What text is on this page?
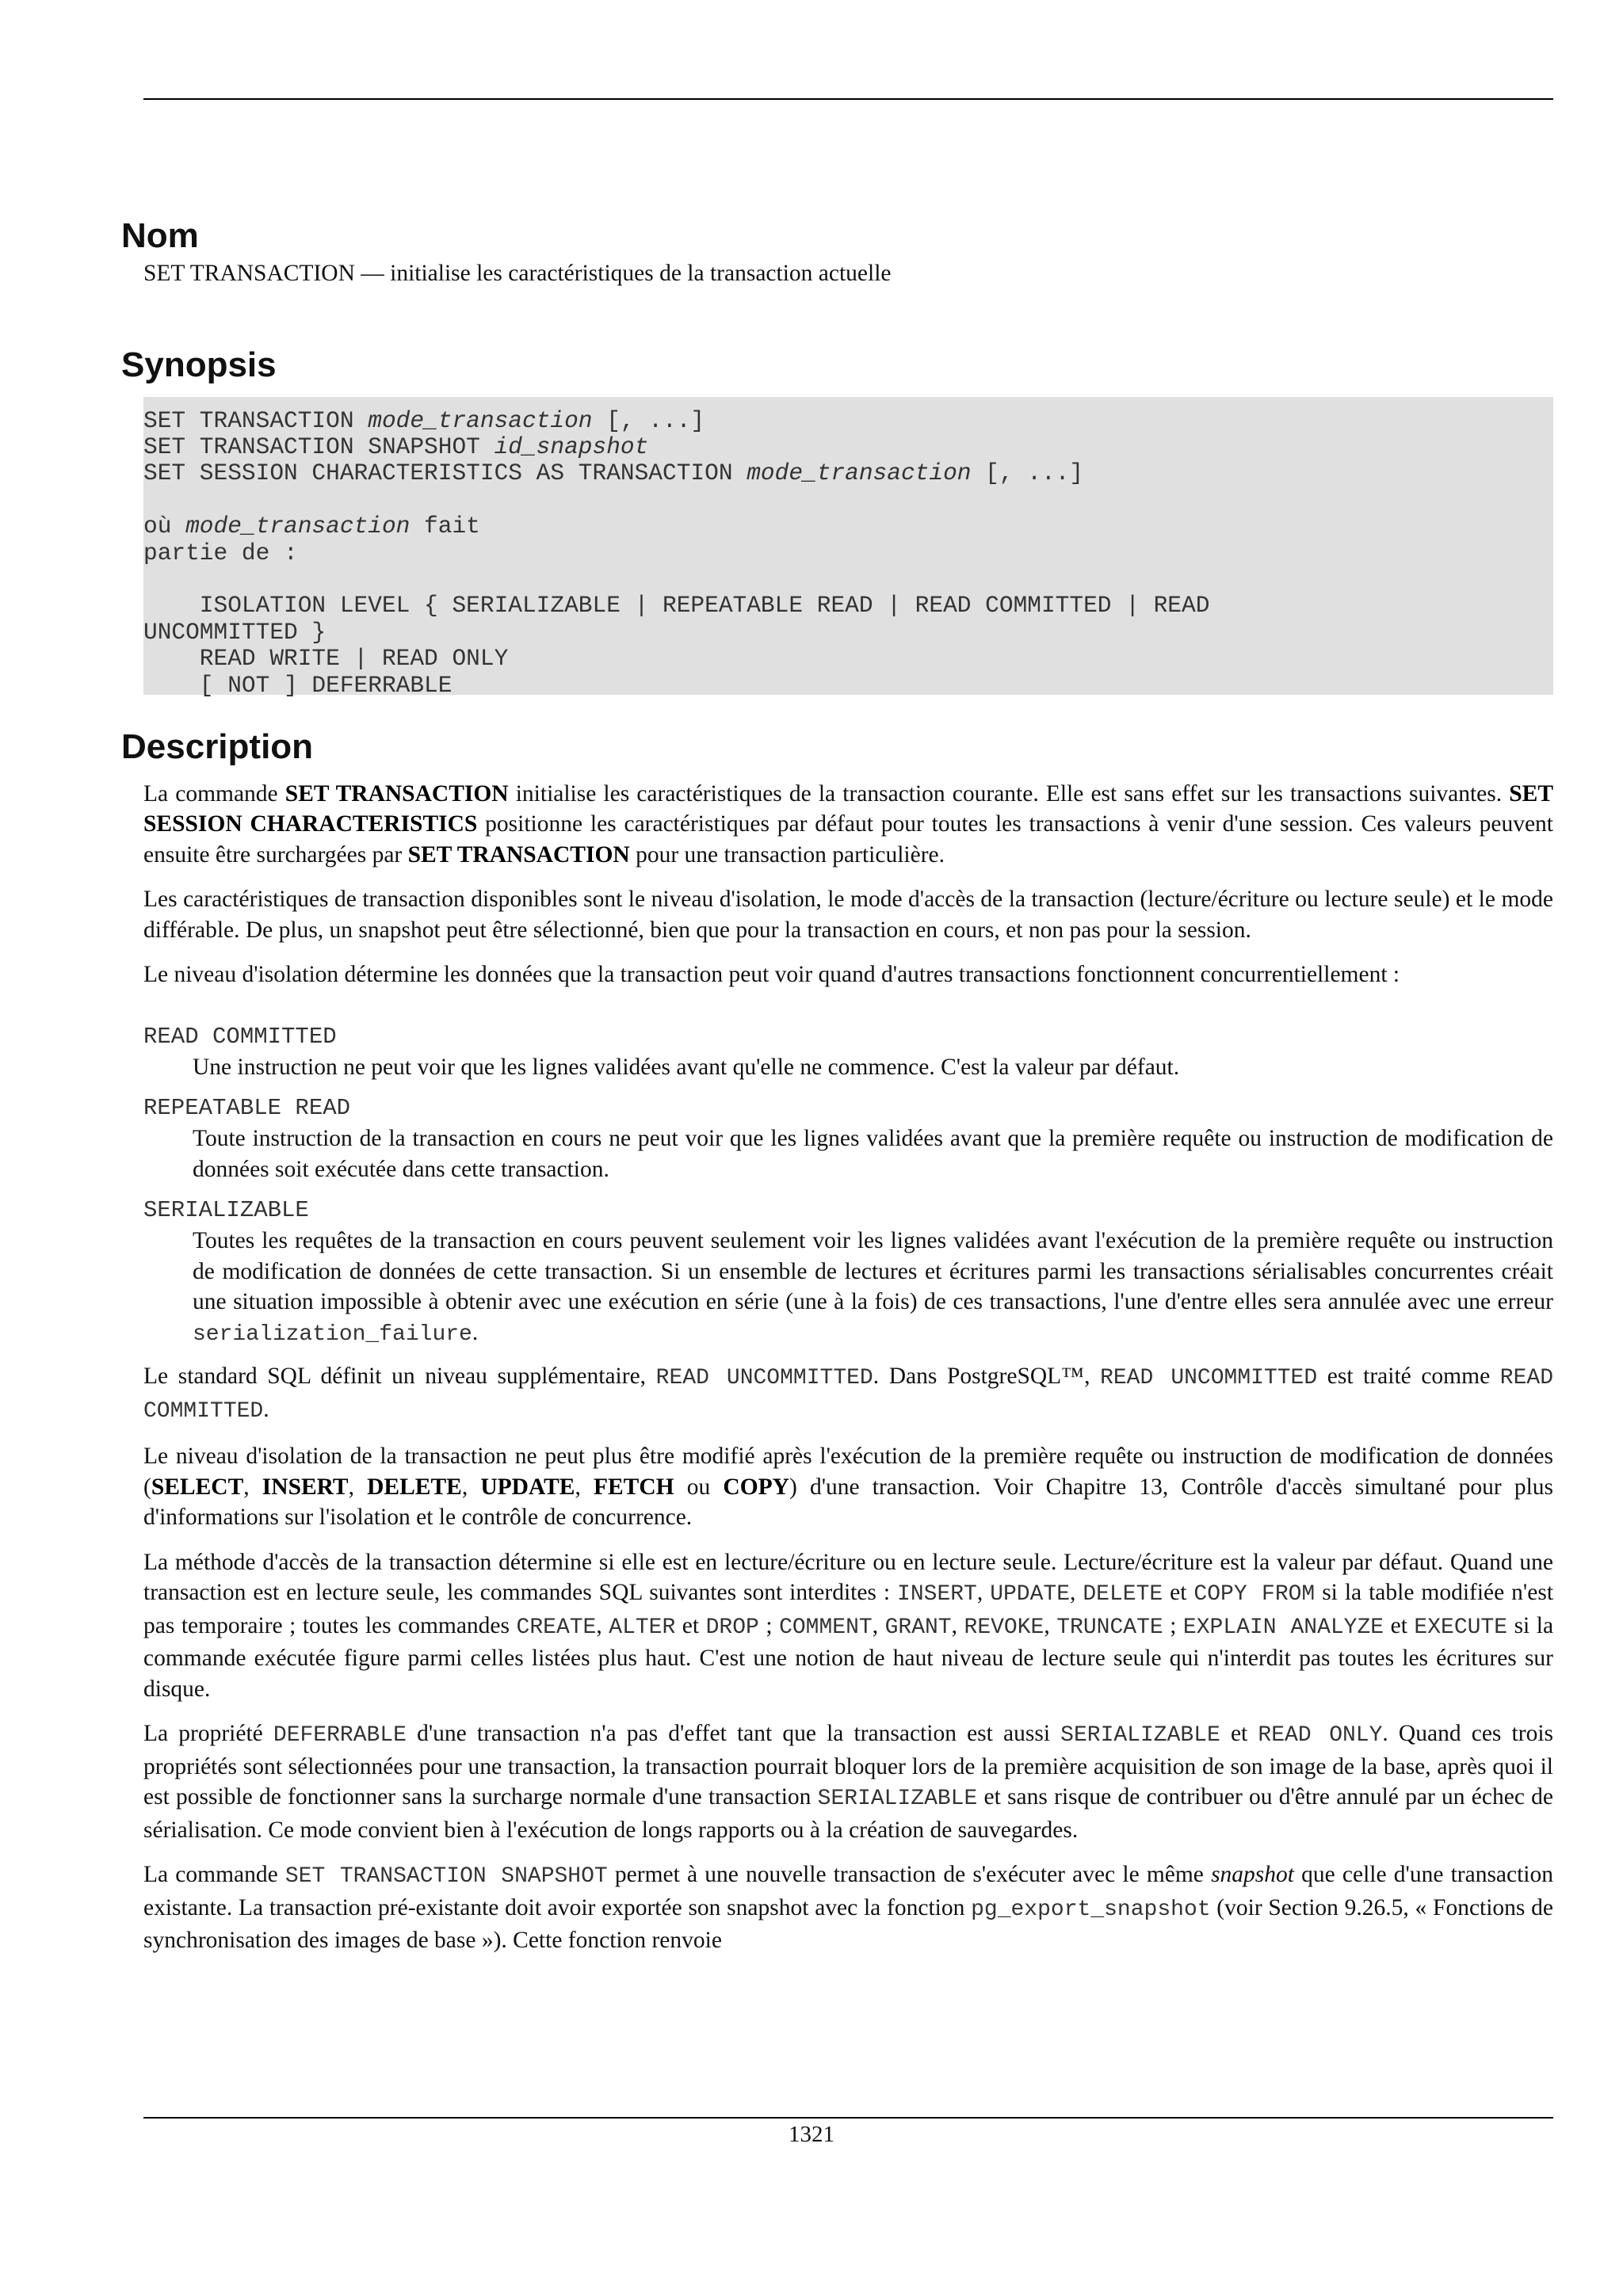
Nom

SET TRANSACTION — initialise les caractéristiques de la transaction actuelle

Synopsis
SET TRANSACTION mode_transaction [, ...]
SET TRANSACTION SNAPSHOT id_snapshot
SET SESSION CHARACTERISTICS AS TRANSACTION mode_transaction [, ...]

où mode_transaction fait
partie de :

ISOLATION LEVEL { SERIALIZABLE | REPEATABLE READ | READ COMMITTED | READ
UNCOMMITTED }
READ WRITE | READ ONLY
[ NOT ] DEFERRABLE
Description

La commande SET TRANSACTION initialise les caractéristiques de la transaction courante. Elle est sans effet sur les transactions suivantes. SET SESSION CHARACTERISTICS positionne les caractéristiques par défaut pour toutes les transactions à venir d'une session. Ces valeurs peuvent ensuite être surchargées par SET TRANSACTION pour une transaction particulière.

Les caractéristiques de transaction disponibles sont le niveau d'isolation, le mode d'accès de la transaction (lecture/écriture ou lecture seule) et le mode différable. De plus, un snapshot peut être sélectionné, bien que pour la transaction en cours, et non pas pour la session.

Le niveau d'isolation détermine les données que la transaction peut voir quand d'autres transactions fonctionnent concurrentiellement :

READ COMMITTED
Une instruction ne peut voir que les lignes validées avant qu'elle ne commence. C'est la valeur par défaut.
REPEATABLE READ
Toute instruction de la transaction en cours ne peut voir que les lignes validées avant que la première requête ou instruction de modification de données soit exécutée dans cette transaction.
SERIALIZABLE
Toutes les requêtes de la transaction en cours peuvent seulement voir les lignes validées avant l'exécution de la première requête ou instruction de modification de données de cette transaction. Si un ensemble de lectures et écritures parmi les transactions sérialisables concurrentes créait une situation impossible à obtenir avec une exécution en série (une à la fois) de ces transactions, l'une d'entre elles sera annulée avec une erreur serialization_failure.

Le standard SQL définit un niveau supplémentaire, READ UNCOMMITTED. Dans PostgreSQL™, READ UNCOMMITTED est traité comme READ COMMITTED.

Le niveau d'isolation de la transaction ne peut plus être modifié après l'exécution de la première requête ou instruction de modification de données (SELECT, INSERT, DELETE, UPDATE, FETCH ou COPY) d'une transaction. Voir Chapitre 13, Contrôle d'accès simultané pour plus d'informations sur l'isolation et le contrôle de concurrence.

La méthode d'accès de la transaction détermine si elle est en lecture/écriture ou en lecture seule. Lecture/écriture est la valeur par défaut. Quand une transaction est en lecture seule, les commandes SQL suivantes sont interdites : INSERT, UPDATE, DELETE et COPY FROM si la table modifiée n'est pas temporaire ; toutes les commandes CREATE, ALTER et DROP ; COMMENT, GRANT, REVOKE, TRUNCATE ; EXPLAIN ANALYZE et EXECUTE si la commande exécutée figure parmi celles listées plus haut. C'est une notion de haut niveau de lecture seule qui n'interdit pas toutes les écritures sur disque.

La propriété DEFERRABLE d'une transaction n'a pas d'effet tant que la transaction est aussi SERIALIZABLE et READ ONLY. Quand ces trois propriétés sont sélectionnées pour une transaction, la transaction pourrait bloquer lors de la première acquisition de son image de la base, après quoi il est possible de fonctionner sans la surcharge normale d'une transaction SERIALIZABLE et sans risque de contribuer ou d'être annulé par un échec de sérialisation. Ce mode convient bien à l'exécution de longs rapports ou à la création de sauvegardes.

La commande SET TRANSACTION SNAPSHOT permet à une nouvelle transaction de s'exécuter avec le même snapshot que celle d'une transaction existante. La transaction pré-existante doit avoir exportée son snapshot avec la fonction pg_export_snapshot (voir Section 9.26.5, « Fonctions de synchronisation des images de base »). Cette fonction renvoie

1321
